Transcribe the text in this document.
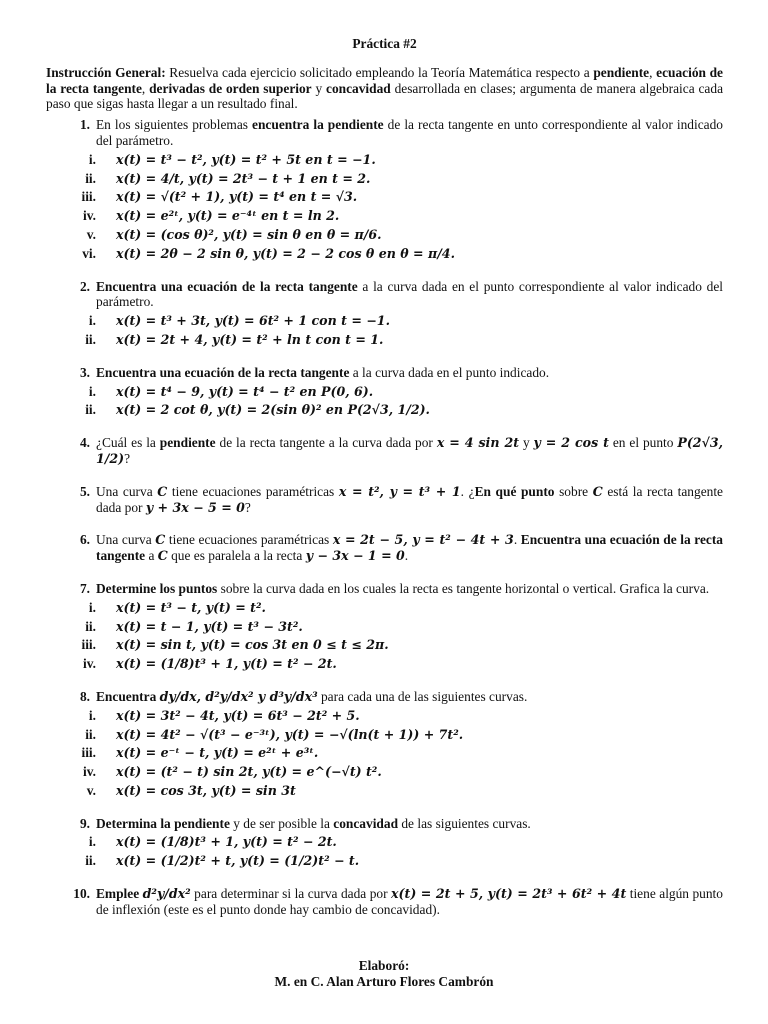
Práctica #2
Instrucción General: Resuelva cada ejercicio solicitado empleando la Teoría Matemática respecto a pendiente, ecuación de la recta tangente, derivadas de orden superior y concavidad desarrollada en clases; argumenta de manera algebraica cada paso que sigas hasta llegar a un resultado final.
1. En los siguientes problemas encuentra la pendiente de la recta tangente en unto correspondiente al valor indicado del parámetro.
i.	x(t) = t³ − t², y(t) = t² + 5t en t = −1.
ii.	x(t) = 4/t, y(t) = 2t³ − t + 1 en t = 2.
iii.	x(t) = √(t² + 1), y(t) = t⁴ en t = √3.
iv.	x(t) = e²ᵗ, y(t) = e⁻⁴ᵗ en t = ln 2.
v.	x(t) = (cos θ)², y(t) = sin θ en θ = π/6.
vi.	x(t) = 2θ − 2 sin θ, y(t) = 2 − 2 cos θ en θ = π/4.
2. Encuentra una ecuación de la recta tangente a la curva dada en el punto correspondiente al valor indicado del parámetro.
i.	x(t) = t³ + 3t, y(t) = 6t² + 1 con t = −1.
ii.	x(t) = 2t + 4, y(t) = t² + ln t con t = 1.
3. Encuentra una ecuación de la recta tangente a la curva dada en el punto indicado.
i.	x(t) = t⁴ − 9, y(t) = t⁴ − t² en P(0, 6).
ii.	x(t) = 2 cot θ, y(t) = 2(sin θ)² en P(2√3, 1/2).
4. ¿Cuál es la pendiente de la recta tangente a la curva dada por x = 4 sin 2t y y = 2 cos t en el punto P(2√3, 1/2)?
5. Una curva C tiene ecuaciones paramétricas x = t², y = t³ + 1. ¿En qué punto sobre C está la recta tangente dada por y + 3x − 5 = 0?
6. Una curva C tiene ecuaciones paramétricas x = 2t − 5, y = t² − 4t + 3. Encuentra una ecuación de la recta tangente a C que es paralela a la recta y − 3x − 1 = 0.
7. Determine los puntos sobre la curva dada en los cuales la recta es tangente horizontal o vertical. Grafica la curva.
i.	x(t) = t³ − t, y(t) = t².
ii.	x(t) = t − 1, y(t) = t³ − 3t².
iii.	x(t) = sin t, y(t) = cos 3t en 0 ≤ t ≤ 2π.
iv.	x(t) = (1/8)t³ + 1, y(t) = t² − 2t.
8. Encuentra dy/dx, d²y/dx² y d³y/dx³ para cada una de las siguientes curvas.
i.	x(t) = 3t² − 4t, y(t) = 6t³ − 2t² + 5.
ii.	x(t) = 4t² − √(t³ − e⁻³ᵗ), y(t) = −√(ln(t + 1)) + 7t².
iii.	x(t) = e⁻ᵗ − t, y(t) = e²ᵗ + e³ᵗ.
iv.	x(t) = (t² − t) sin 2t, y(t) = e^(−√t) t².
v.	x(t) = cos 3t, y(t) = sin 3t
9. Determina la pendiente y de ser posible la concavidad de las siguientes curvas.
i.	x(t) = (1/8)t³ + 1, y(t) = t² − 2t.
ii.	x(t) = (1/2)t² + t, y(t) = (1/2)t² − t.
10. Emplee d²y/dx² para determinar si la curva dada por x(t) = 2t + 5, y(t) = 2t³ + 6t² + 4t tiene algún punto de inflexión (este es el punto donde hay cambio de concavidad).
Elaboró:
M. en C. Alan Arturo Flores Cambrón
